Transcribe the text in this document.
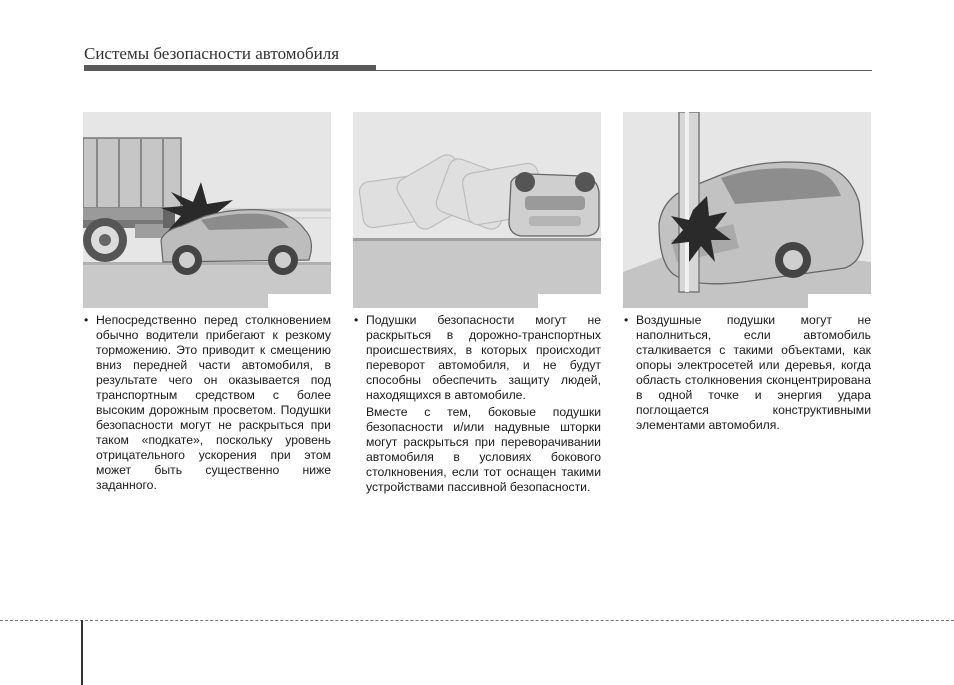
Системы безопасности автомобиля

• Непосредственно перед столкновением обычно водители прибегают к резкому торможению. Это приводит к смещению вниз передней части автомобиля, в результате чего он оказывается под транспортным средством с более высоким дорожным просветом. Подушки безопасности могут не раскрыться при таком «подкате», поскольку уровень отрицательного ускорения при этом может быть существенно ниже заданного.

• Подушки безопасности могут не раскрыться в дорожно-транспортных происшествиях, в которых происходит переворот автомобиля, и не будут способны обеспечить защиту людей, находящихся в автомобиле.

Вместе с тем, боковые подушки безопасности и/или надувные шторки могут раскрыться при переворачивании автомобиля в условиях бокового столкновения, если тот оснащен такими устройствами пассивной безопасности.

• Воздушные подушки могут не наполниться, если автомобиль сталкивается с такими объектами, как опоры электросетей или деревья, когда область столкновения сконцентрирована в одной точке и энергия удара поглощается конструктивными элементами автомобиля.
